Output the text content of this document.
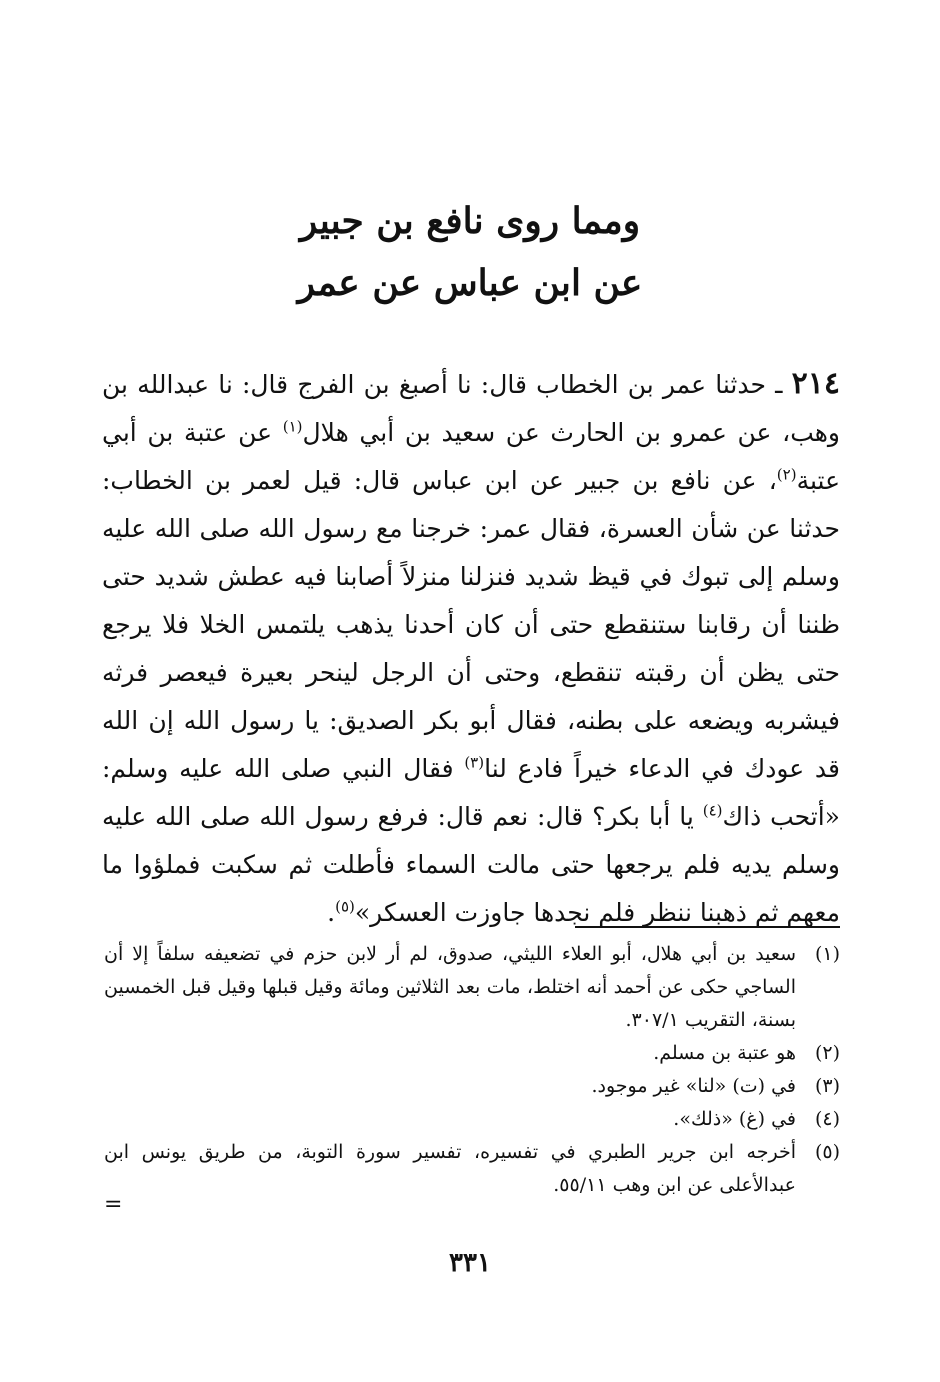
ومما روى نافع بن جبير
عن ابن عباس عن عمر
٢١٤ ـ حدثنا عمر بن الخطاب قال: نا أصبغ بن الفرج قال: نا عبدالله بن وهب، عن عمرو بن الحارث عن سعيد بن أبي هلال$^{(١)}$ عن عتبة بن أبي عتبة$^{(٢)}$، عن نافع بن جبير عن ابن عباس قال: قيل لعمر بن الخطاب: حدثنا عن شأن العسرة، فقال عمر: خرجنا مع رسول الله صلى الله عليه وسلم إلى تبوك في قيظ شديد فنزلنا منزلاً أصابنا فيه عطش شديد حتى ظننا أن رقابنا ستنقطع حتى أن كان أحدنا يذهب يلتمس الخلا فلا يرجع حتى يظن أن رقبته تنقطع، وحتى أن الرجل لينحر بعيرة فيعصر فرثه فيشربه ويضعه على بطنه، فقال أبو بكر الصديق: يا رسول الله إن الله قد عودك في الدعاء خيراً فادع لنا$^{(٣)}$ فقال النبي صلى الله عليه وسلم: «أتحب ذاك$^{(٤)}$ يا أبا بكر؟ قال: نعم قال: فرفع رسول الله صلى الله عليه وسلم يديه فلم يرجعها حتى مالت السماء فأطلت ثم سكبت فملؤوا ما معهم ثم ذهبنا ننظر فلم نجدها جاوزت العسكر»$^{(٥)}$.
(١)
سعيد بن أبي هلال، أبو العلاء الليثي، صدوق، لم أر لابن حزم في تضعيفه سلفاً إلا أن الساجي حكى عن أحمد أنه اختلط، مات بعد الثلاثين ومائة وقيل قبلها وقيل قبل الخمسين بسنة، التقريب ٣٠٧/١.
(٢)
هو عتبة بن مسلم.
(٣)
في (ت) «لنا» غير موجود.
(٤)
في (غ) «ذلك».
(٥)
أخرجه ابن جرير الطبري في تفسيره، تفسير سورة التوبة، من طريق يونس ابن عبدالأعلى عن ابن وهب ٥٥/١١.
=
٣٣١
